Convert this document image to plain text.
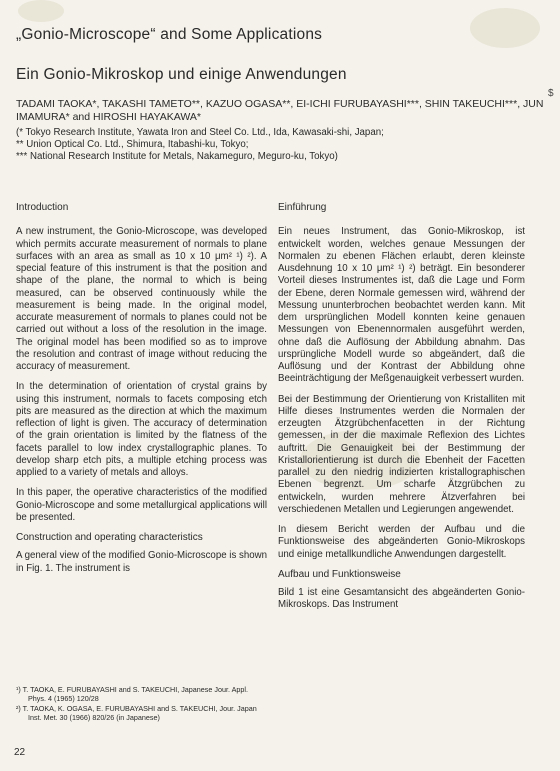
„Gonio-Microscope“ and Some Applications
Ein Gonio-Mikroskop und einige Anwendungen
$
TADAMI TAOKA*, TAKASHI TAMETO**, KAZUO OGASA**, EI-ICHI FURUBAYASHI***, SHIN TAKEUCHI***, JUN IMAMURA* and HIROSHI HAYAKAWA*
(* Tokyo Research Institute, Yawata Iron and Steel Co. Ltd., Ida, Kawasaki-shi, Japan;
** Union Optical Co. Ltd., Shimura, Itabashi-ku, Tokyo;
*** National Research Institute for Metals, Nakameguro, Meguro-ku, Tokyo)
Introduction

A new instrument, the Gonio-Microscope, was developed which permits accurate measurement of normals to plane surfaces with an area as small as 10 x 10 μm² ¹) ²). A special feature of this instrument is that the position and shape of the plane, the normal to which is being measured, can be observed continuously while the measurement is being made. In the original model, accurate measurement of normals to planes could not be carried out without a loss of the resolution in the image. The original model has been modified so as to improve the resolution and contrast of image without reducing the accuracy of measurement.

In the determination of orientation of crystal grains by using this instrument, normals to facets composing etch pits are measured as the direction at which the maximum reflection of light is given. The accuracy of determination of the grain orientation is limited by the flatness of the facets parallel to low index crystallographic planes. To develop sharp etch pits, a multiple etching process was applied to a variety of metals and alloys.

In this paper, the operative characteristics of the modified Gonio-Microscope and some metallurgical applications will be presented.

Construction and operating characteristics

A general view of the modified Gonio-Microscope is shown in Fig. 1. The instrument is

Einführung

Ein neues Instrument, das Gonio-Mikroskop, ist entwickelt worden, welches genaue Messungen der Normalen zu ebenen Flächen erlaubt, deren kleinste Ausdehnung 10 x 10 μm² ¹) ²) beträgt. Ein besonderer Vorteil dieses Instrumentes ist, daß die Lage und Form der Ebene, deren Normale gemessen wird, während der Messung ununterbrochen beobachtet werden kann. Mit dem ursprünglichen Modell konnten keine genauen Messungen von Ebenennormalen ausgeführt werden, ohne daß die Auflösung der Abbildung abnahm. Das ursprüngliche Modell wurde so abgeändert, daß die Auflösung und der Kontrast der Abbildung ohne Beeinträchtigung der Meßgenauigkeit verbessert wurden.

Bei der Bestimmung der Orientierung von Kristalliten mit Hilfe dieses Instrumentes werden die Normalen der erzeugten Ätzgrübchenfacetten in der Richtung gemessen, in der die maximale Reflexion des Lichtes auftritt. Die Genauigkeit bei der Bestimmung der Kristallorientierung ist durch die Ebenheit der Facetten parallel zu den niedrig indizierten kristallographischen Ebenen begrenzt. Um scharfe Ätzgrübchen zu entwickeln, wurden mehrere Ätzverfahren bei verschiedenen Metallen und Legierungen angewendet.

In diesem Bericht werden der Aufbau und die Funktionsweise des abgeänderten Gonio-Mikroskops und einige metallkundliche Anwendungen dargestellt.

Aufbau und Funktionsweise

Bild 1 ist eine Gesamtansicht des abgeänderten Gonio-Mikroskops. Das Instrument

¹) T. TAOKA, E. FURUBAYASHI and S. TAKEUCHI, Japanese Jour. Appl. Phys. 4 (1965) 120/28
²) T. TAOKA, K. OGASA, E. FURUBAYASHI and S. TAKEUCHI, Jour. Japan Inst. Met. 30 (1966) 820/26 (in Japanese)
22
